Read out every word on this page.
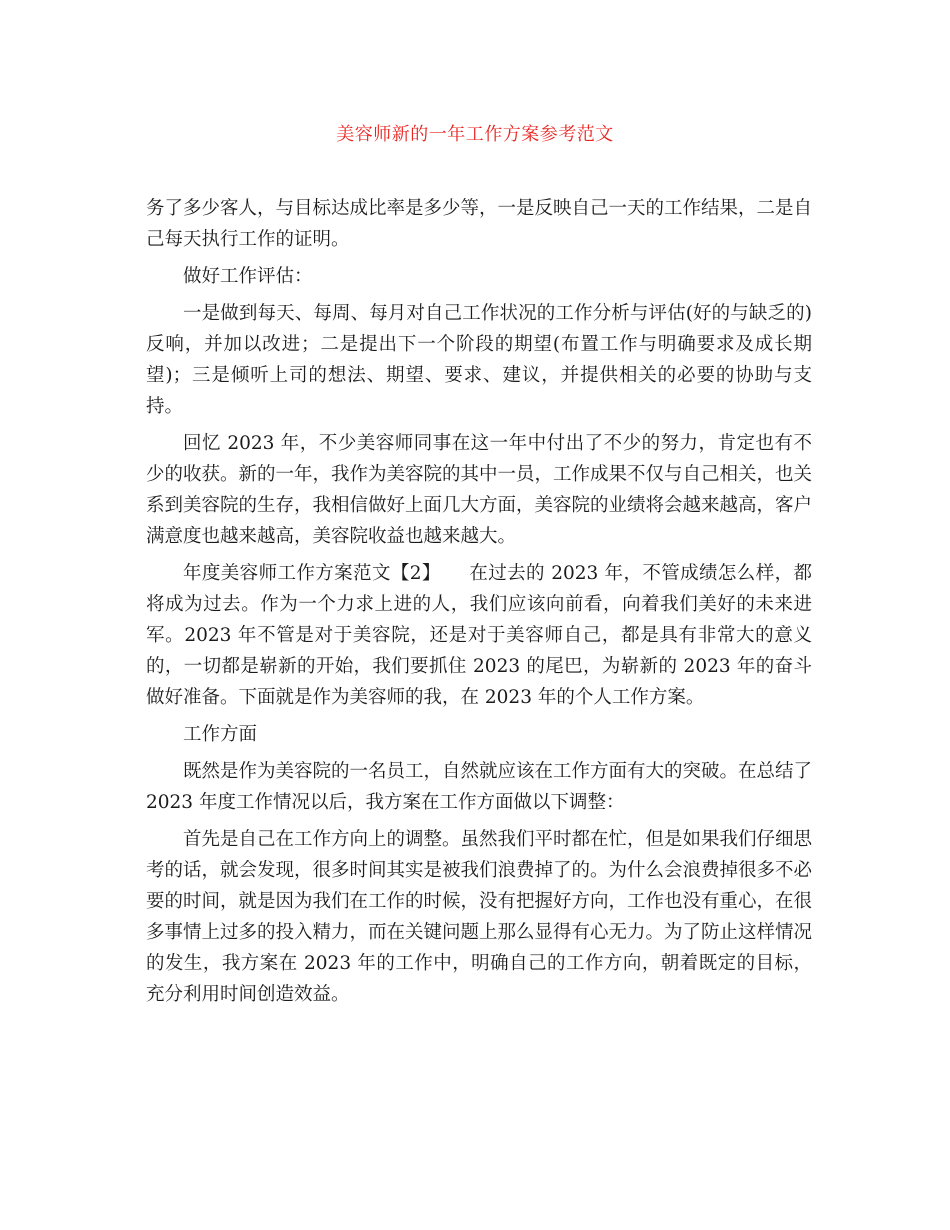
美容师新的一年工作方案参考范文

务了多少客人，与目标达成比率是多少等，一是反映自己一天的工作结果，二是自己每天执行工作的证明。

做好工作评估：

一是做到每天、每周、每月对自己工作状况的工作分析与评估(好的与缺乏的)反响，并加以改进；二是提出下一个阶段的期望(布置工作与明确要求及成长期望)；三是倾听上司的想法、期望、要求、建议，并提供相关的必要的协助与支持。

回忆 2023 年，不少美容师同事在这一年中付出了不少的努力，肯定也有不少的收获。新的一年，我作为美容院的其中一员，工作成果不仅与自己相关，也关系到美容院的生存，我相信做好上面几大方面，美容院的业绩将会越来越高，客户满意度也越来越高，美容院收益也越来越大。

年度美容师工作方案范文【2】　　在过去的 2023 年，不管成绩怎么样，都将成为过去。作为一个力求上进的人，我们应该向前看，向着我们美好的未来进军。2023 年不管是对于美容院，还是对于美容师自己，都是具有非常大的意义的，一切都是崭新的开始，我们要抓住 2023 的尾巴，为崭新的 2023 年的奋斗做好准备。下面就是作为美容师的我，在 2023 年的个人工作方案。

工作方面

既然是作为美容院的一名员工，自然就应该在工作方面有大的突破。在总结了 2023 年度工作情况以后，我方案在工作方面做以下调整：

首先是自己在工作方向上的调整。虽然我们平时都在忙，但是如果我们仔细思考的话，就会发现，很多时间其实是被我们浪费掉了的。为什么会浪费掉很多不必要的时间，就是因为我们在工作的时候，没有把握好方向，工作也没有重心，在很多事情上过多的投入精力，而在关键问题上那么显得有心无力。为了防止这样情况的发生，我方案在 2023 年的工作中，明确自己的工作方向，朝着既定的目标，充分利用时间创造效益。
